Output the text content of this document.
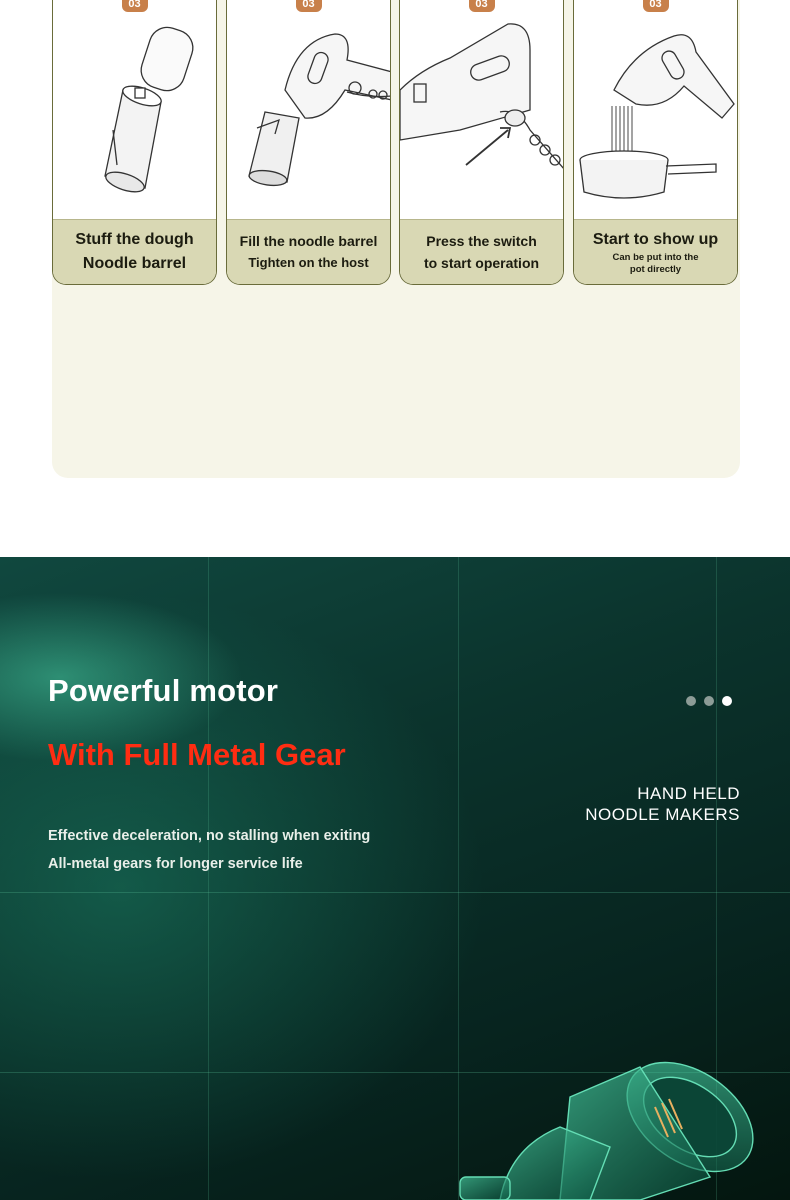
03
Stuff the dough
Noodle barrel
03
Fill the noodle barrel
Tighten on the host
03
Press the switch
to start operation
03
Start to show up
Can be put into the
pot directly
Powerful motor
With Full Metal Gear
Effective deceleration, no stalling when exiting
All-metal gears for longer service life
HAND HELD
NOODLE MAKERS
